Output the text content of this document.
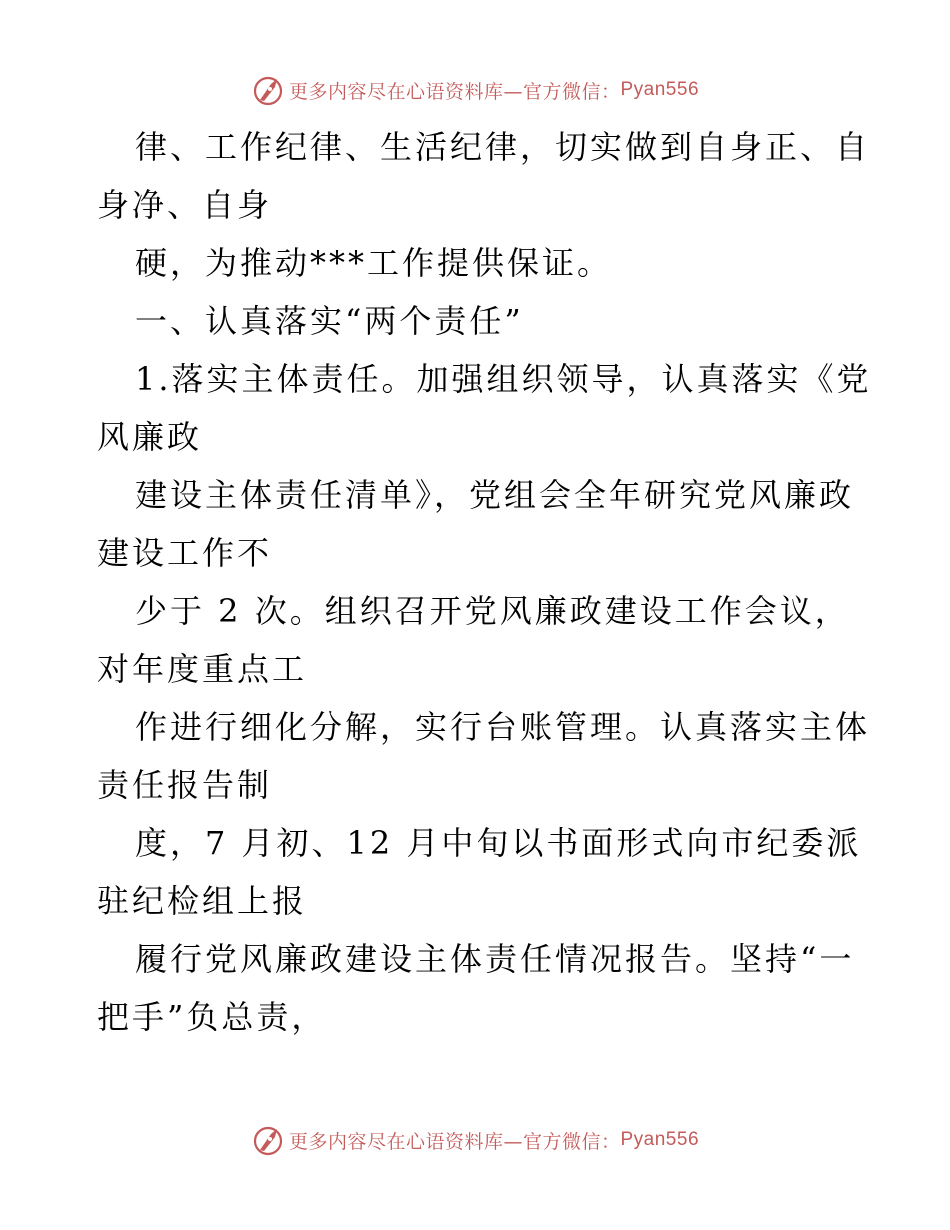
更多内容尽在心语资料库—官方微信： Pyan556
律、工作纪律、生活纪律，切实做到自身正、自
身净、自身
硬，为推动***工作提供保证。
一、认真落实“两个责任”
1.落实主体责任。加强组织领导，认真落实《党
风廉政
建设主体责任清单》，党组会全年研究党风廉政
建设工作不
少于 2 次。组织召开党风廉政建设工作会议，
对年度重点工
作进行细化分解，实行台账管理。认真落实主体
责任报告制
度，7 月初、12 月中旬以书面形式向市纪委派
驻纪检组上报
履行党风廉政建设主体责任情况报告。坚持“一
把手”负总责，
更多内容尽在心语资料库—官方微信： Pyan556
